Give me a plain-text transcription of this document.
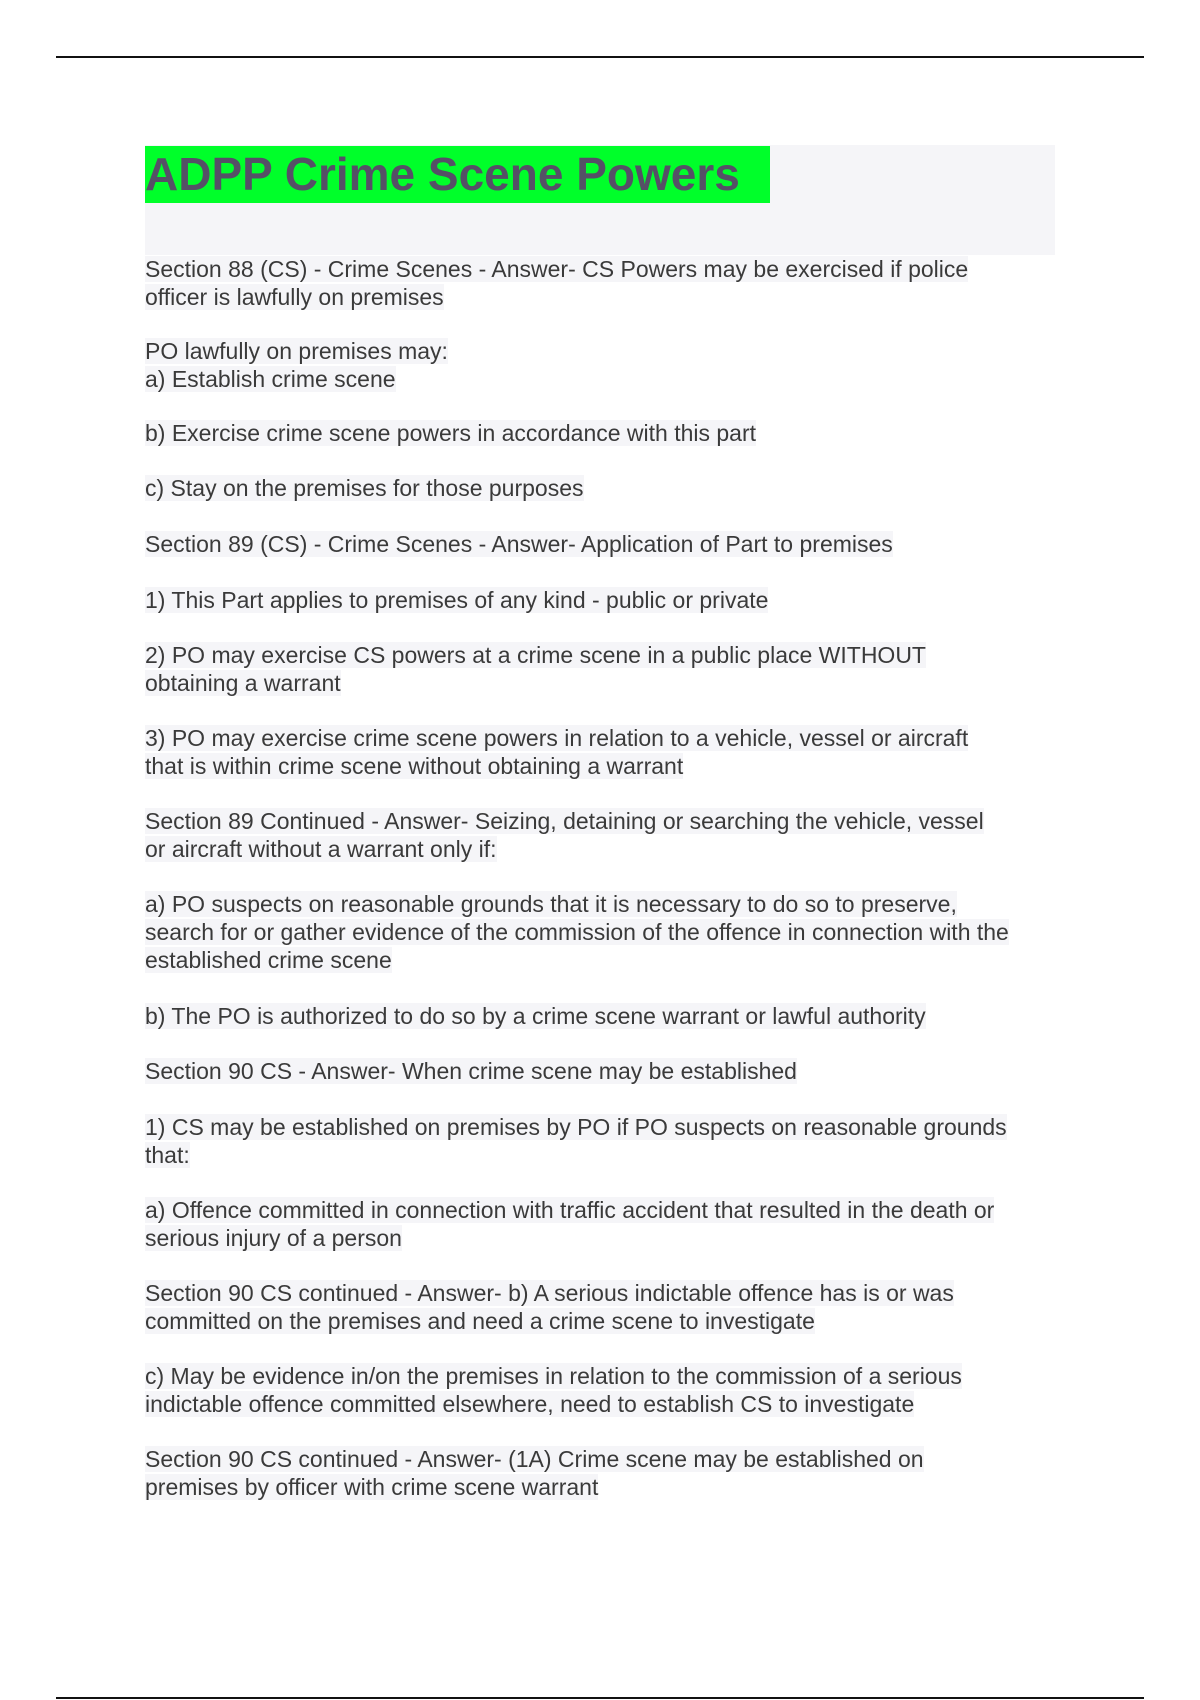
ADPP Crime Scene Powers
Section 88 (CS) - Crime Scenes - Answer- CS Powers may be exercised if police
officer is lawfully on premises
PO lawfully on premises may:
a) Establish crime scene
b) Exercise crime scene powers in accordance with this part
c) Stay on the premises for those purposes
Section 89 (CS) - Crime Scenes - Answer- Application of Part to premises
1) This Part applies to premises of any kind - public or private
2) PO may exercise CS powers at a crime scene in a public place WITHOUT
obtaining a warrant
3) PO may exercise crime scene powers in relation to a vehicle, vessel or aircraft
that is within crime scene without obtaining a warrant
Section 89 Continued - Answer- Seizing, detaining or searching the vehicle, vessel
or aircraft without a warrant only if:
a) PO suspects on reasonable grounds that it is necessary to do so to preserve,
search for or gather evidence of the commission of the offence in connection with the
established crime scene
b) The PO is authorized to do so by a crime scene warrant or lawful authority
Section 90 CS - Answer- When crime scene may be established
1) CS may be established on premises by PO if PO suspects on reasonable grounds
that:
a) Offence committed in connection with traffic accident that resulted in the death or
serious injury of a person
Section 90 CS continued - Answer- b) A serious indictable offence has is or was
committed on the premises and need a crime scene to investigate
c) May be evidence in/on the premises in relation to the commission of a serious
indictable offence committed elsewhere, need to establish CS to investigate
Section 90 CS continued - Answer- (1A) Crime scene may be established on
premises by officer with crime scene warrant
